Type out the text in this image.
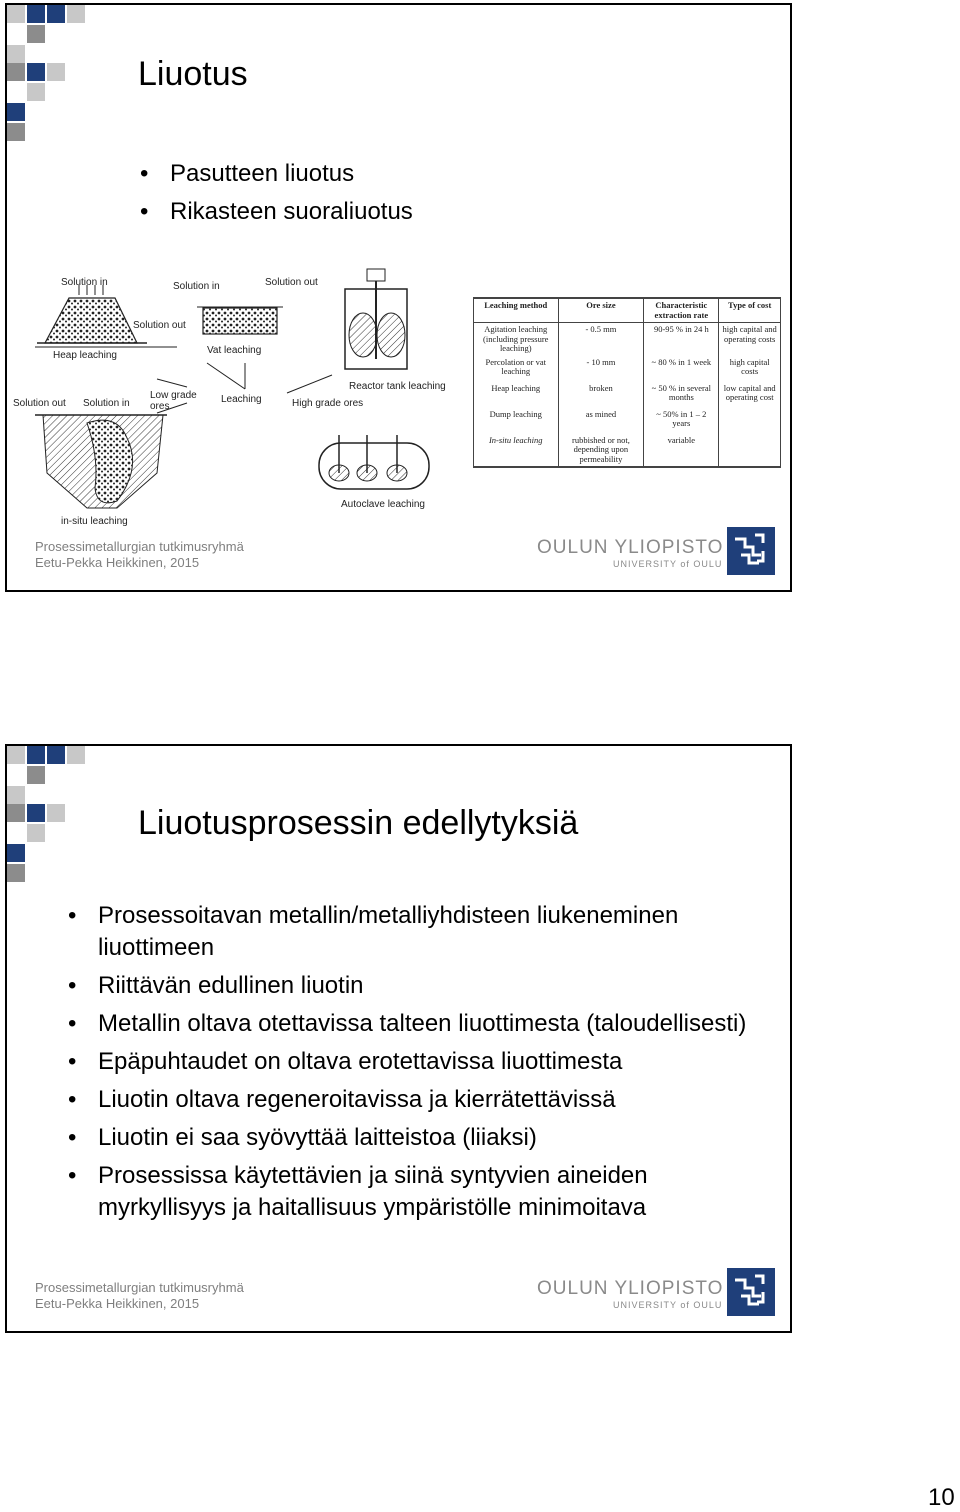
Liuotus
• Pasutteen liuotus
• Rikasteen suoraliuotus
Solution in	Solution in	Solution out
Solution out
Heap leaching	Vat leaching
Reactor tank leaching
Solution out Solution in
Low grade ores
Leaching	High grade ores
Autoclave leaching
in-situ leaching
Leaching method	Ore size	Characteristic extraction rate	Type of cost
Agitation leaching (including pressure leaching)	- 0.5 mm	90-95 % in 24 h	high capital and operating costs
Percolation or vat leaching	- 10 mm	~ 80 % in 1 week	high capital costs
Heap leaching	broken	~ 50 % in several months	low capital and operating cost
Dump leaching	as mined	~ 50% in 1 – 2 years	
In-situ leaching	rubbished or not, depending upon permeability	variable	
Prosessimetallurgian tutkimusryhmä
Eetu-Pekka Heikkinen, 2015
OULUN YLIOPISTO
UNIVERSITY of OULU
Liuotusprosessin edellytyksiä
• Prosessoitavan metallin/metalliyhdisteen liukeneminen liuottimeen
• Riittävän edullinen liuotin
• Metallin oltava otettavissa talteen liuottimesta (taloudellisesti)
• Epäpuhtaudet on oltava erotettavissa liuottimesta
• Liuotin oltava regeneroitavissa ja kierrätettävissä
• Liuotin ei saa syövyttää laitteistoa (liiaksi)
• Prosessissa käytettävien ja siinä syntyvien aineiden myrkyllisyys ja haitallisuus ympäristölle minimoitava
Prosessimetallurgian tutkimusryhmä
Eetu-Pekka Heikkinen, 2015
OULUN YLIOPISTO
UNIVERSITY of OULU
10
